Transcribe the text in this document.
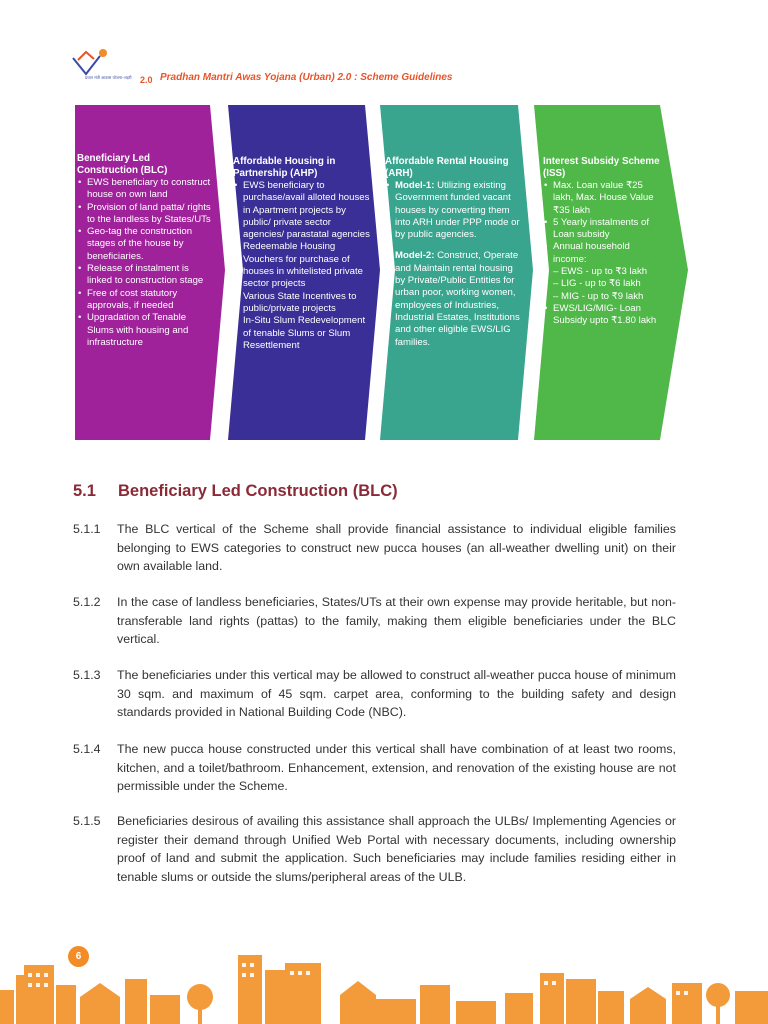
प्रधान मंत्री आवास योजना–शहरी 2.0 Pradhan Mantri Awas Yojana (Urban) 2.0 : Scheme Guidelines
Beneficiary Led Construction (BLC)
• EWS beneficiary to construct house on own land
• Provision of land patta/ rights to the landless by States/UTs
• Geo-tag the construction stages of the house by beneficiaries.
• Release of instalment is linked to construction stage
• Free of cost statutory approvals, if needed
• Upgradation of Tenable Slums with housing and infrastructure
Affordable Housing in Partnership (AHP)
• EWS beneficiary to purchase/avail alloted houses in Apartment projects by public/ private sector agencies/ parastatal agencies
• Redeemable Housing Vouchers for purchase of houses in whitelisted private sector projects
• Various State Incentives to public/private projects
• In-Situ Slum Redevelopment of tenable Slums or Slum Resettlement
Affordable Rental Housing (ARH)
• Model-1: Utilizing existing Government funded vacant houses by converting them into ARH under PPP mode or by public agencies.
• Model-2: Construct, Operate and Maintain rental housing by Private/Public Entities for urban poor, working women, employees of Industries, Industrial Estates, Institutions and other eligible EWS/LIG families.
Interest Subsidy Scheme (ISS)
• Max. Loan value ₹25 lakh, Max. House Value ₹35 lakh
• 5 Yearly instalments of Loan subsidy
• Annual household income:
– EWS - up to ₹3 lakh
– LIG - up to ₹6 lakh
– MIG - up to ₹9 lakh
• EWS/LIG/MIG- Loan Subsidy upto ₹1.80 lakh
5.1 Beneficiary Led Construction (BLC)
5.1.1	The BLC vertical of the Scheme shall provide financial assistance to individual eligible families belonging to EWS categories to construct new pucca houses (an all-weather dwelling unit) on their own available land.
5.1.2	In the case of landless beneficiaries, States/UTs at their own expense may provide heritable, but non-transferable land rights (pattas) to the family, making them eligible beneficiaries under the BLC vertical.
5.1.3	The beneficiaries under this vertical may be allowed to construct all-weather pucca house of minimum 30 sqm. and maximum of 45 sqm. carpet area, conforming to the building safety and design standards provided in National Building Code (NBC).
5.1.4	The new pucca house constructed under this vertical shall have combination of at least two rooms, kitchen, and a toilet/bathroom. Enhancement, extension, and renovation of the existing house are not permissible under the Scheme.
5.1.5	Beneficiaries desirous of availing this assistance shall approach the ULBs/ Implementing Agencies or register their demand through Unified Web Portal with necessary documents, including ownership proof of land and submit the application. Such beneficiaries may include families residing either in tenable slums or outside the slums/peripheral areas of the ULB.
6
